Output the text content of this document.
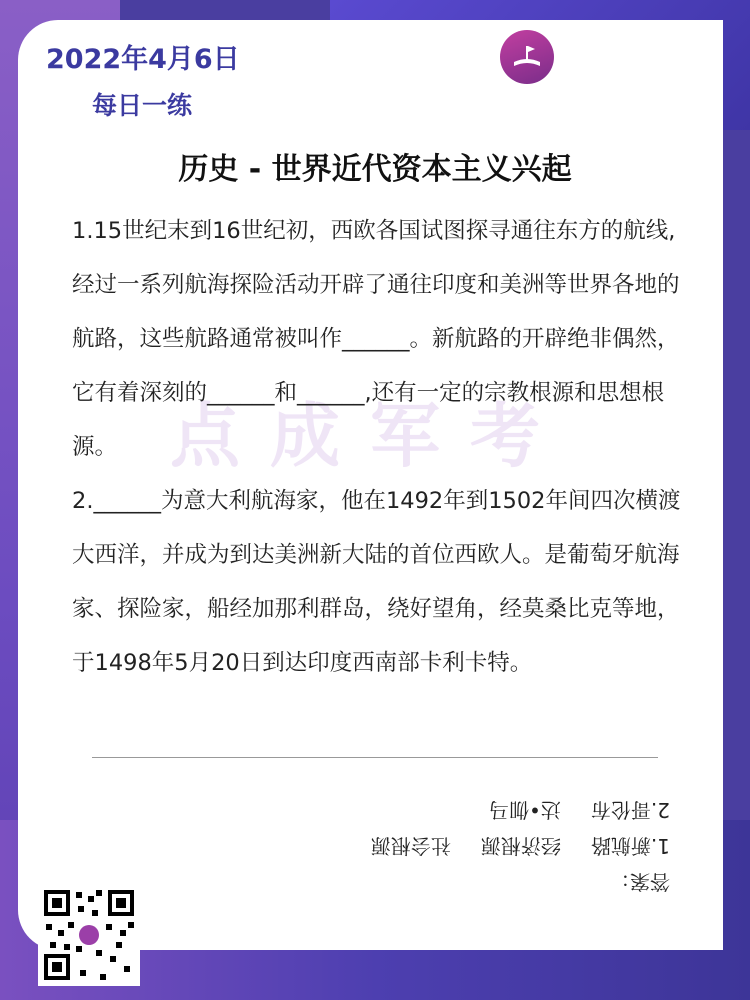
2022年4月6日
每日一练
点成军考
DIAN CHENG JUN KAO
历史 - 世界近代资本主义兴起
点成军考

1.15世纪末到16世纪初，西欧各国试图探寻通往东方的航线,经过一系列航海探险活动开辟了通往印度和美洲等世界各地的航路，这些航路通常被叫作______。新航路的开辟绝非偶然，它有着深刻的______和______,还有一定的宗教根源和思想根源。

2.______为意大利航海家，他在1492年到1502年间四次横渡大西洋，并成为到达美洲新大陆的首位西欧人。是葡萄牙航海家、探险家，船经加那利群岛，绕好望角，经莫桑比克等地，于1498年5月20日到达印度西南部卡利卡特。

答案：
1.新航路
经济根源
社会根源
2.哥伦布
达•伽马
